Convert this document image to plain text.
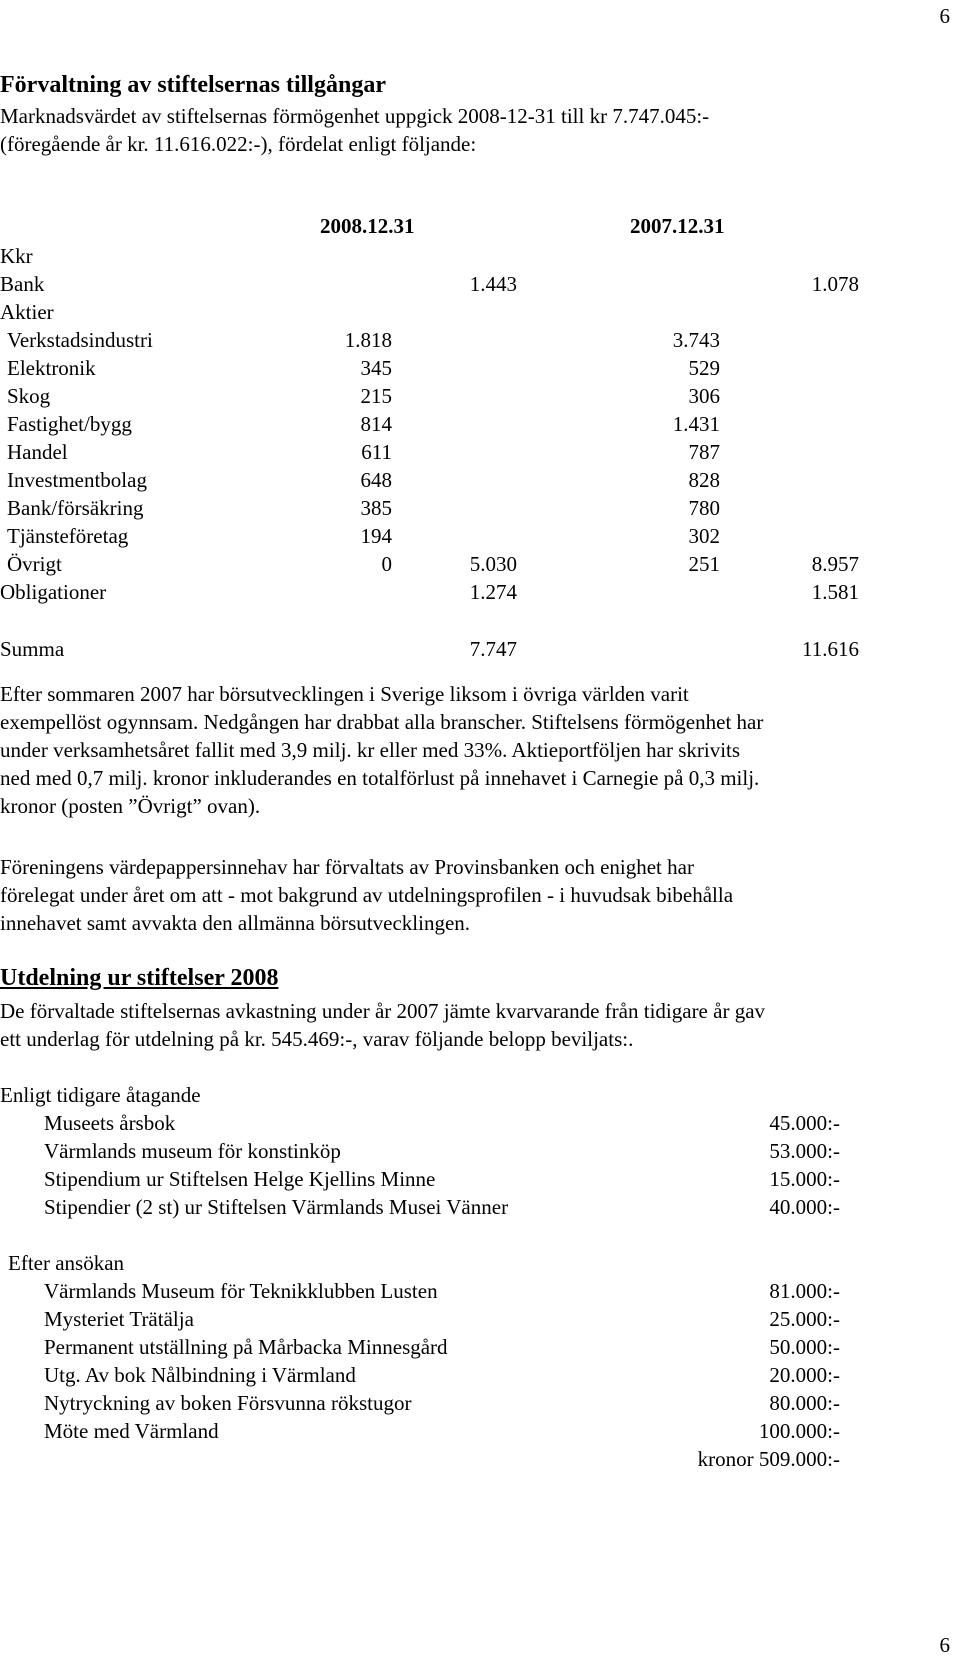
6
Förvaltning av stiftelsernas tillgångar
Marknadsvärdet av stiftelsernas förmögenhet uppgick 2008-12-31 till kr 7.747.045:-
(föregående år kr. 11.616.022:-), fördelat enligt följande:
2008.12.31	2007.12.31
Kkr
Bank	1.443	1.078
Aktier
Verkstadsindustri	1.818	3.743
Elektronik	345	529
Skog	215	306
Fastighet/bygg	814	1.431
Handel	611	787
Investmentbolag	648	828
Bank/försäkring	385	780
Tjänsteföretag	194	302
Övrigt	0	5.030	251	8.957
Obligationer	1.274	1.581
Summa	7.747	11.616
Efter sommaren 2007 har börsutvecklingen i Sverige liksom i övriga världen varit
exempellöst ogynnsam. Nedgången har drabbat alla branscher. Stiftelsens förmögenhet har
under verksamhetsåret fallit med 3,9 milj. kr eller med 33%. Aktieportföljen har skrivits
ned med 0,7 milj. kronor inkluderandes en totalförlust på innehavet i Carnegie på 0,3 milj.
kronor (posten ”Övrigt” ovan).
Föreningens värdepappersinnehav har förvaltats av Provinsbanken och enighet har
förelegat under året om att - mot bakgrund av utdelningsprofilen - i huvudsak bibehålla
innehavet samt avvakta den allmänna börsutvecklingen.
Utdelning ur stiftelser 2008
De förvaltade stiftelsernas avkastning under år 2007 jämte kvarvarande från tidigare år gav
ett underlag för utdelning på kr. 545.469:-, varav följande belopp beviljats:.
Enligt tidigare åtagande
Museets årsbok	45.000:-
Värmlands museum för konstinköp	53.000:-
Stipendium ur Stiftelsen Helge Kjellins Minne	15.000:-
Stipendier (2 st) ur Stiftelsen Värmlands Musei Vänner	40.000:-
Efter ansökan
Värmlands Museum för Teknikklubben Lusten	81.000:-
Mysteriet Trätälja	25.000:-
Permanent utställning på Mårbacka Minnesgård	50.000:-
Utg. Av bok Nålbindning i Värmland	20.000:-
Nytryckning av boken Försvunna rökstugor	80.000:-
Möte med Värmland	100.000:-
kronor 509.000:-
6
